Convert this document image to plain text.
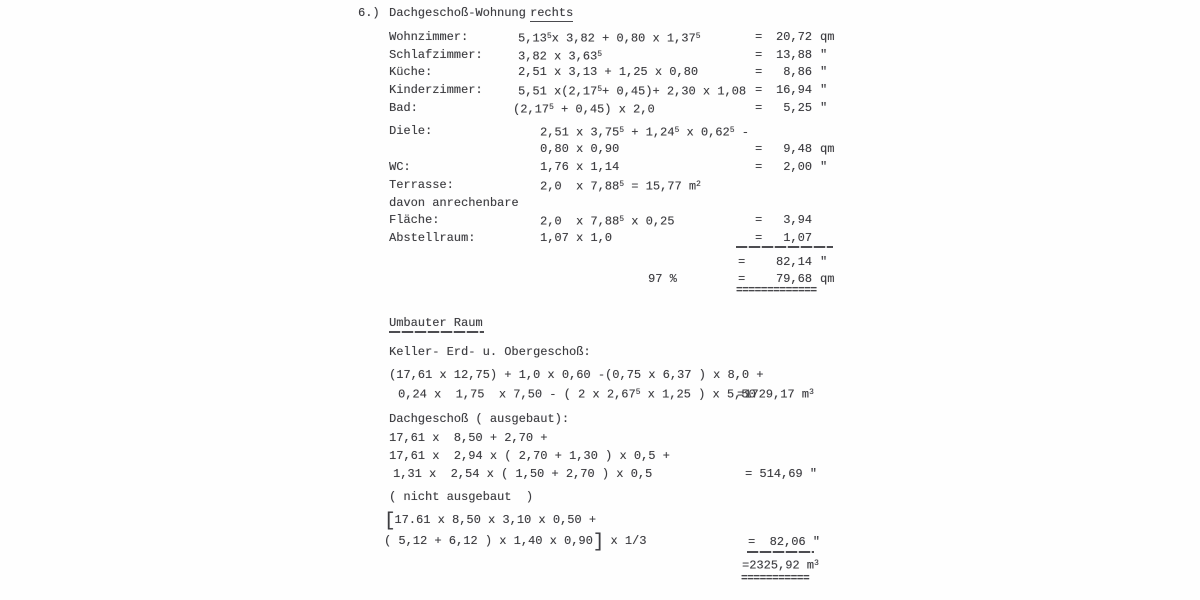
6.) Dachgeschoß-Wohnung rechts
Wohnzimmer:	5,13$^5$x 3,82 + 0,80 x $1,37^5$	=	20,72 qm
Schlafzimmer:	3,82 x $3,63^5$	=	13,88 "
Küche:	2,51 x 3,13 + 1,25 x 0,80	=	8,86 "
Kinderzimmer:	5,51 $x(2,17^5+ 0,45)+ 2,30$ x 1,08 =	16,94 "
Bad:	$(2,17^5 + 0,45)$ x 2,0	=	5,25 "
Diele:	2,51 x $3,75^5 + 1,24^5$ x 0,62$^5$ -
0,80 x 0,90	=	9,48 qm
WC:	1,76 x 1,14	=	2,00 "
Terrasse:	2,0  x $7,88^5 = 15,77$ $m^2$
davon anrechenbare
Fläche:	2,0  x 7,88$^5$ x 0,25	=	3,94
Abstellraum:	1,07 x 1,0	=	1,07
=	82,14 "
97 %	=	79,68 qm
=============
Umbauter Raum
Keller- Erd- u. Obergeschoß:
(17,61 x 12,75) + 1,0 x 0,60 -(0,75 x 6,37 ) x 8,0 +
0,24 x  1,75  x 7,50 - ( 2 x 2,67$^5$ x 1,25 ) x 5,50
=1729,17 $m^3$
Dachgeschoß ( ausgebaut):
17,61 x  8,50 + 2,70 +
17,61 x  2,94 x ( 2,70 + 1,30 ) x 0,5 +
1,31 x  2,54 x ( 1,50 + 2,70 ) x 0,5	= 514,69 "
( nicht ausgebaut  )
[17.61 x 8,50 x 3,10 x 0,50 +
( 5,12 + 6,12 ) x 1,40 x 0,90] x 1/3	=  82,06 "
=2325,92 $m^3$
===========
